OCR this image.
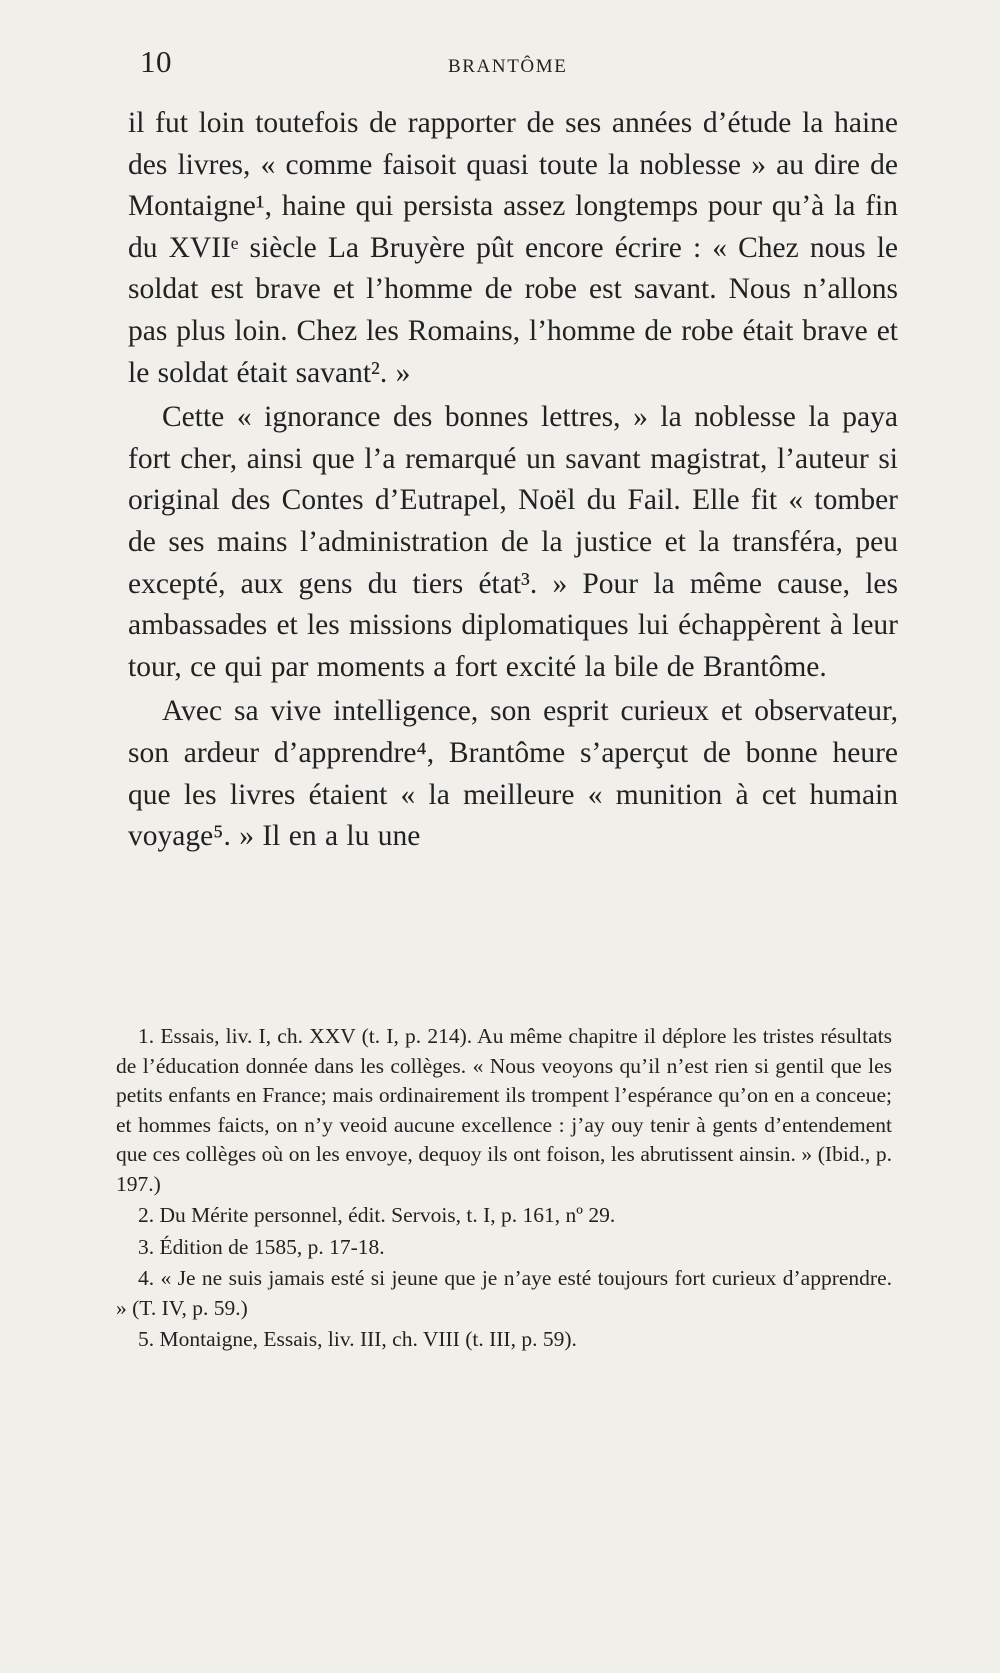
10	BRANTÔME

il fut loin toutefois de rapporter de ses années d’étude la haine des livres, « comme faisoit quasi toute la noblesse » au dire de Montaigne¹, haine qui persista assez longtemps pour qu’à la fin du XVIIᵉ siècle La Bruyère pût encore écrire : « Chez nous le soldat est brave et l’homme de robe est savant. Nous n’allons pas plus loin. Chez les Romains, l’homme de robe était brave et le soldat était savant². »

Cette « ignorance des bonnes lettres, » la noblesse la paya fort cher, ainsi que l’a remarqué un savant magistrat, l’auteur si original des Contes d’Eutrapel, Noël du Fail. Elle fit « tomber de ses mains l’administration de la justice et la transféra, peu excepté, aux gens du tiers état³. » Pour la même cause, les ambassades et les missions diplomatiques lui échappèrent à leur tour, ce qui par moments a fort excité la bile de Brantôme.

Avec sa vive intelligence, son esprit curieux et observateur, son ardeur d’apprendre⁴, Brantôme s’aperçut de bonne heure que les livres étaient « la meilleure « munition à cet humain voyage⁵. » Il en a lu une

1. Essais, liv. I, ch. XXV (t. I, p. 214). Au même chapitre il déplore les tristes résultats de l’éducation donnée dans les collèges. « Nous veoyons qu’il n’est rien si gentil que les petits enfants en France; mais ordinairement ils trompent l’espérance qu’on en a conceue; et hommes faicts, on n’y veoid aucune excellence : j’ay ouy tenir à gents d’entendement que ces collèges où on les envoye, dequoy ils ont foison, les abrutissent ainsin. » (Ibid., p. 197.)

2. Du Mérite personnel, édit. Servois, t. I, p. 161, nº 29.

3. Édition de 1585, p. 17-18.

4. « Je ne suis jamais esté si jeune que je n’aye esté toujours fort curieux d’apprendre. » (T. IV, p. 59.)

5. Montaigne, Essais, liv. III, ch. VIII (t. III, p. 59).
